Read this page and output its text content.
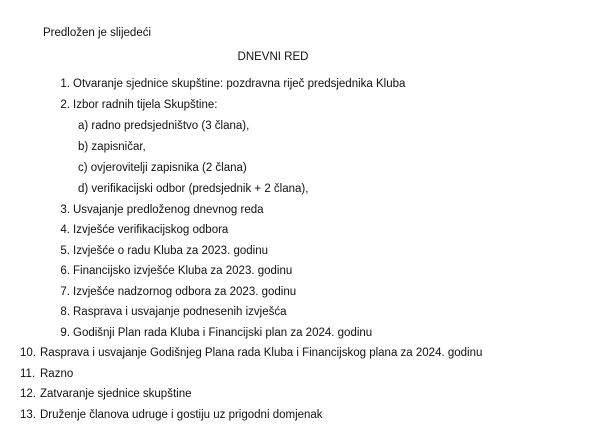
Predložen je slijedeći
DNEVNI RED
1. Otvaranje sjednice skupštine: pozdravna riječ predsjednika Kluba
2. Izbor radnih tijela Skupštine:
a) radno predsjedništvo (3 člana),
b) zapisničar,
c) ovjerovitelji zapisnika (2 člana)
d) verifikacijski odbor (predsjednik + 2 člana),
3. Usvajanje predloženog dnevnog reda
4. Izvješće verifikacijskog odbora
5. Izvješće o radu Kluba za 2023. godinu
6. Financijsko izvješće Kluba za 2023. godinu
7. Izvješće nadzornog odbora za 2023. godinu
8. Rasprava i usvajanje podnesenih izvješća
9. Godišnji Plan rada Kluba i Financijski plan za 2024. godinu
10. Rasprava i usvajanje Godišnjeg Plana rada Kluba i Financijskog plana za 2024. godinu
11. Razno
12. Zatvaranje sjednice skupštine
13. Druženje članova udruge i gostiju uz prigodni domjenak
